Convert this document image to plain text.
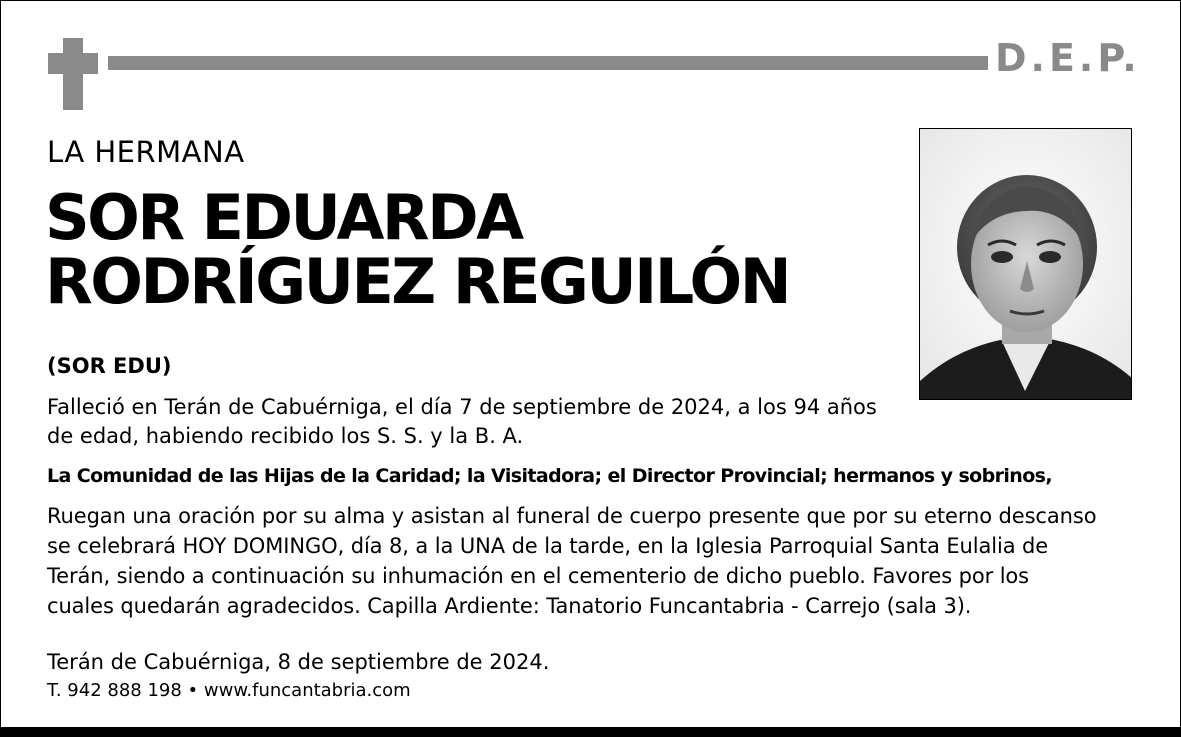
D.E.P.
LA HERMANA
SOR EDUARDA
RODRÍGUEZ REGUILÓN
(SOR EDU)
Falleció en Terán de Cabuérniga, el día 7 de septiembre de 2024, a los 94 años de edad, habiendo recibido los S. S. y la B. A.
La Comunidad de las Hijas de la Caridad; la Visitadora; el Director Provincial; hermanos y sobrinos,
Ruegan una oración por su alma y asistan al funeral de cuerpo presente que por su eterno descanso
se celebrará HOY DOMINGO, día 8, a la UNA de la tarde, en la Iglesia Parroquial Santa Eulalia de
Terán, siendo a continuación su inhumación en el cementerio de dicho pueblo. Favores por los
cuales quedarán agradecidos. Capilla Ardiente: Tanatorio Funcantabria - Carrejo (sala 3).
Terán de Cabuérniga, 8 de septiembre de 2024.
T. 942 888 198 • www.funcantabria.com
